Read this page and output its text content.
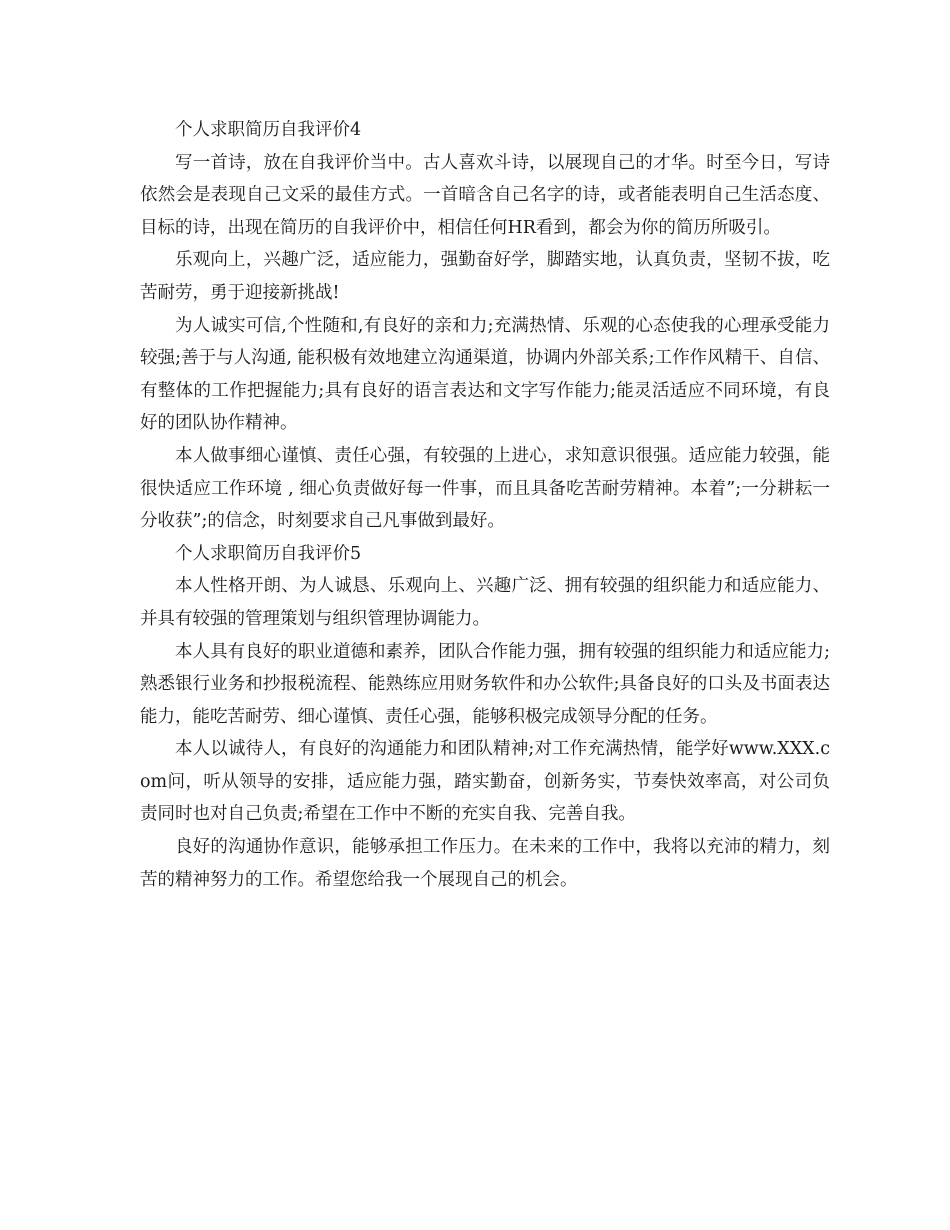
个人求职简历自我评价4

写一首诗，放在自我评价当中。古人喜欢斗诗，以展现自己的才华。时至今日，写诗依然会是表现自己文采的最佳方式。一首暗含自己名字的诗，或者能表明自己生活态度、目标的诗，出现在简历的自我评价中，相信任何HR看到，都会为你的简历所吸引。

乐观向上，兴趣广泛，适应能力，强勤奋好学，脚踏实地，认真负责，坚韧不拔，吃苦耐劳，勇于迎接新挑战!

为人诚实可信,个性随和,有良好的亲和力;充满热情、乐观的心态使我的心理承受能力较强;善于与人沟通, 能积极有效地建立沟通渠道，协调内外部关系;工作作风精干、自信、有整体的工作把握能力;具有良好的语言表达和文字写作能力;能灵活适应不同环境，有良好的团队协作精神。

本人做事细心谨慎、责任心强，有较强的上进心，求知意识很强。适应能力较强，能很快适应工作环境 , 细心负责做好每一件事，而且具备吃苦耐劳精神。本着”;一分耕耘一分收获”;的信念，时刻要求自己凡事做到最好。

个人求职简历自我评价5

本人性格开朗、为人诚恳、乐观向上、兴趣广泛、拥有较强的组织能力和适应能力、并具有较强的管理策划与组织管理协调能力。

本人具有良好的职业道德和素养，团队合作能力强，拥有较强的组织能力和适应能力;熟悉银行业务和抄报税流程、能熟练应用财务软件和办公软件;具备良好的口头及书面表达能力，能吃苦耐劳、细心谨慎、责任心强，能够积极完成领导分配的任务。

本人以诚待人，有良好的沟通能力和团队精神;对工作充满热情，能学好www.XXX.com问，听从领导的安排，适应能力强，踏实勤奋，创新务实，节奏快效率高，对公司负责同时也对自己负责;希望在工作中不断的充实自我、完善自我。

良好的沟通协作意识，能够承担工作压力。在未来的工作中，我将以充沛的精力，刻苦的精神努力的工作。希望您给我一个展现自己的机会。
